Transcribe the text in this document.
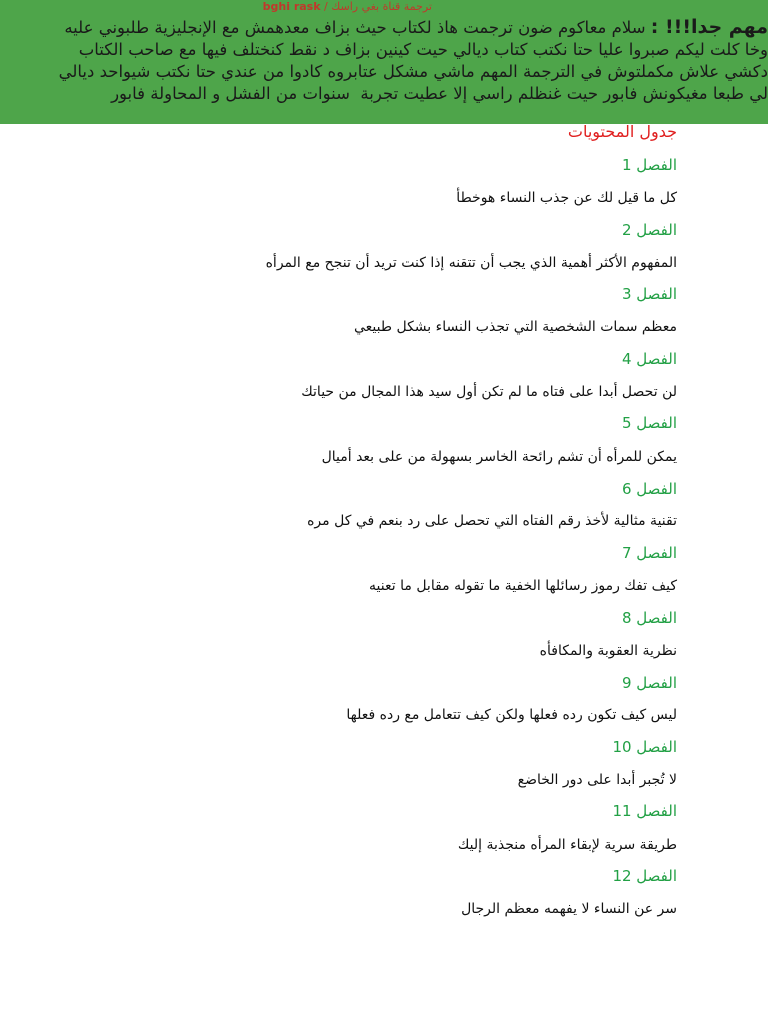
ترجمة قناة بغي راسك / bghi rask

مهم جدا!!! : سلام معاكوم ضون ترجمت هاذ لكتاب حيث بزاف معدهمش مع الإنجليزية طلبوني عليه
وخا كلت ليكم صبروا عليا حتا نكتب كتاب ديالي حيت كينين بزاف د نقط كنختلف فيها مع صاحب الكتاب
دكشي علاش مكملتوش في الترجمة المهم ماشي مشكل عتابروه كادوا من عندي حتا نكتب شيواحد ديالي
لي طبعا مغيكونش فابور حيت غنظلم راسي إلا عطيت تجربة  سنوات من الفشل و المحاولة فابور
جدول المحتويات

الفصل 1

كل ما قيل لك عن جذب النساء هوخطأ

الفصل 2

المفهوم الأكثر أهمية الذي يجب أن تتقنه إذا كنت تريد أن تنجح مع المرأه

الفصل 3

معظم سمات الشخصية التي تجذب النساء بشكل طبيعي

الفصل 4

لن تحصل أبدا على فتاه ما لم تكن أول سيد هذا المجال من حياتك

الفصل 5

يمكن للمرأه أن تشم رائحة الخاسر بسهولة من على بعد أميال

الفصل 6

تقنية مثالية لأخذ رقم الفتاه التي تحصل على رد بنعم في كل مره

الفصل 7

كيف تفك رموز رسائلها الخفية ما تقوله مقابل ما تعنيه

الفصل 8

نظرية العقوبة والمكافأه

الفصل 9

ليس كيف تكون رده فعلها ولكن كيف تتعامل مع رده فعلها

الفصل 10

لا تُجبر أبدا على دور الخاضع

الفصل 11

طريقة سرية لإبقاء المرأه منجذبة إليك

الفصل 12

سر عن النساء لا يفهمه معظم الرجال
